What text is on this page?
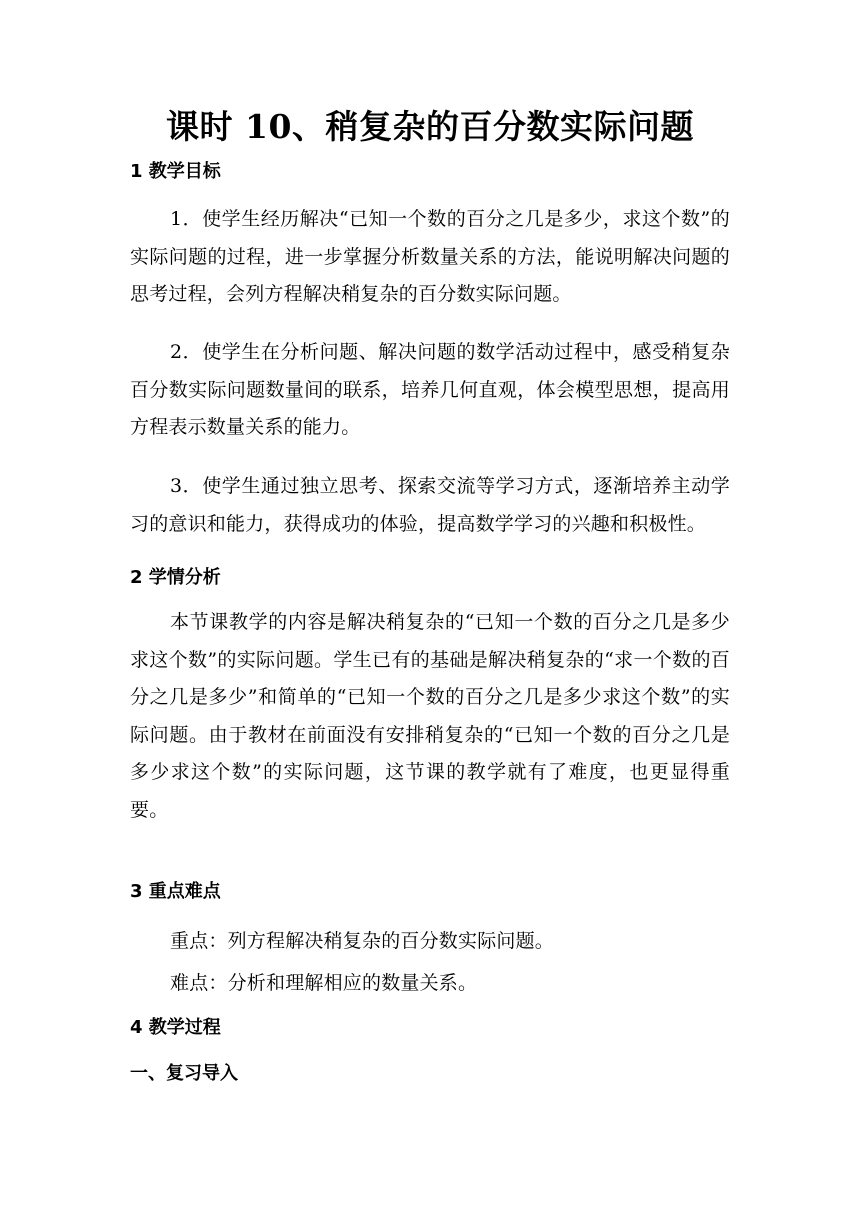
课时 10、稍复杂的百分数实际问题
1 教学目标
1．使学生经历解决“已知一个数的百分之几是多少，求这个数”的实际问题的过程，进一步掌握分析数量关系的方法，能说明解决问题的思考过程，会列方程解决稍复杂的百分数实际问题。
2．使学生在分析问题、解决问题的数学活动过程中，感受稍复杂百分数实际问题数量间的联系，培养几何直观，体会模型思想，提高用方程表示数量关系的能力。
3．使学生通过独立思考、探索交流等学习方式，逐渐培养主动学习的意识和能力，获得成功的体验，提高数学学习的兴趣和积极性。
2 学情分析
本节课教学的内容是解决稍复杂的“已知一个数的百分之几是多少求这个数”的实际问题。学生已有的基础是解决稍复杂的“求一个数的百分之几是多少”和简单的“已知一个数的百分之几是多少求这个数”的实际问题。由于教材在前面没有安排稍复杂的“已知一个数的百分之几是多少求这个数”的实际问题，这节课的教学就有了难度，也更显得重要。
3 重点难点
重点：列方程解决稍复杂的百分数实际问题。
难点：分析和理解相应的数量关系。
4 教学过程
一、复习导入
